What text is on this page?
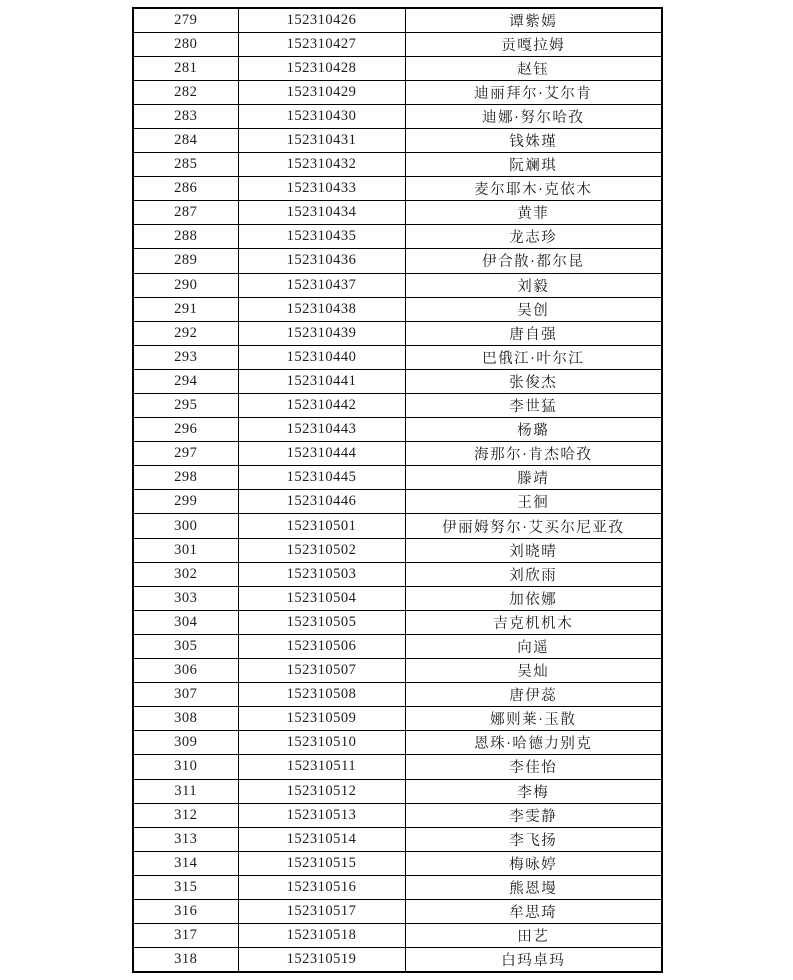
279	152310426	谭紫嫣
280	152310427	贡嘎拉姆
281	152310428	赵钰
282	152310429	迪丽拜尔·艾尔肯
283	152310430	迪娜·努尔哈孜
284	152310431	钱姝瑾
285	152310432	阮斓琪
286	152310433	麦尔耶木·克依木
287	152310434	黄菲
288	152310435	龙志珍
289	152310436	伊合散·都尔昆
290	152310437	刘毅
291	152310438	吴创
292	152310439	唐自强
293	152310440	巴俄江·叶尔江
294	152310441	张俊杰
295	152310442	李世猛
296	152310443	杨璐
297	152310444	海那尔·肯杰哈孜
298	152310445	滕靖
299	152310446	王徊
300	152310501	伊丽姆努尔·艾买尔尼亚孜
301	152310502	刘晓晴
302	152310503	刘欣雨
303	152310504	加依娜
304	152310505	吉克机机木
305	152310506	向遥
306	152310507	吴灿
307	152310508	唐伊蕊
308	152310509	娜则莱·玉散
309	152310510	恩珠·哈德力别克
310	152310511	李佳怡
311	152310512	李梅
312	152310513	李雯静
313	152310514	李飞扬
314	152310515	梅咏婷
315	152310516	熊恩墁
316	152310517	牟思琦
317	152310518	田艺
318	152310519	白玛卓玛
